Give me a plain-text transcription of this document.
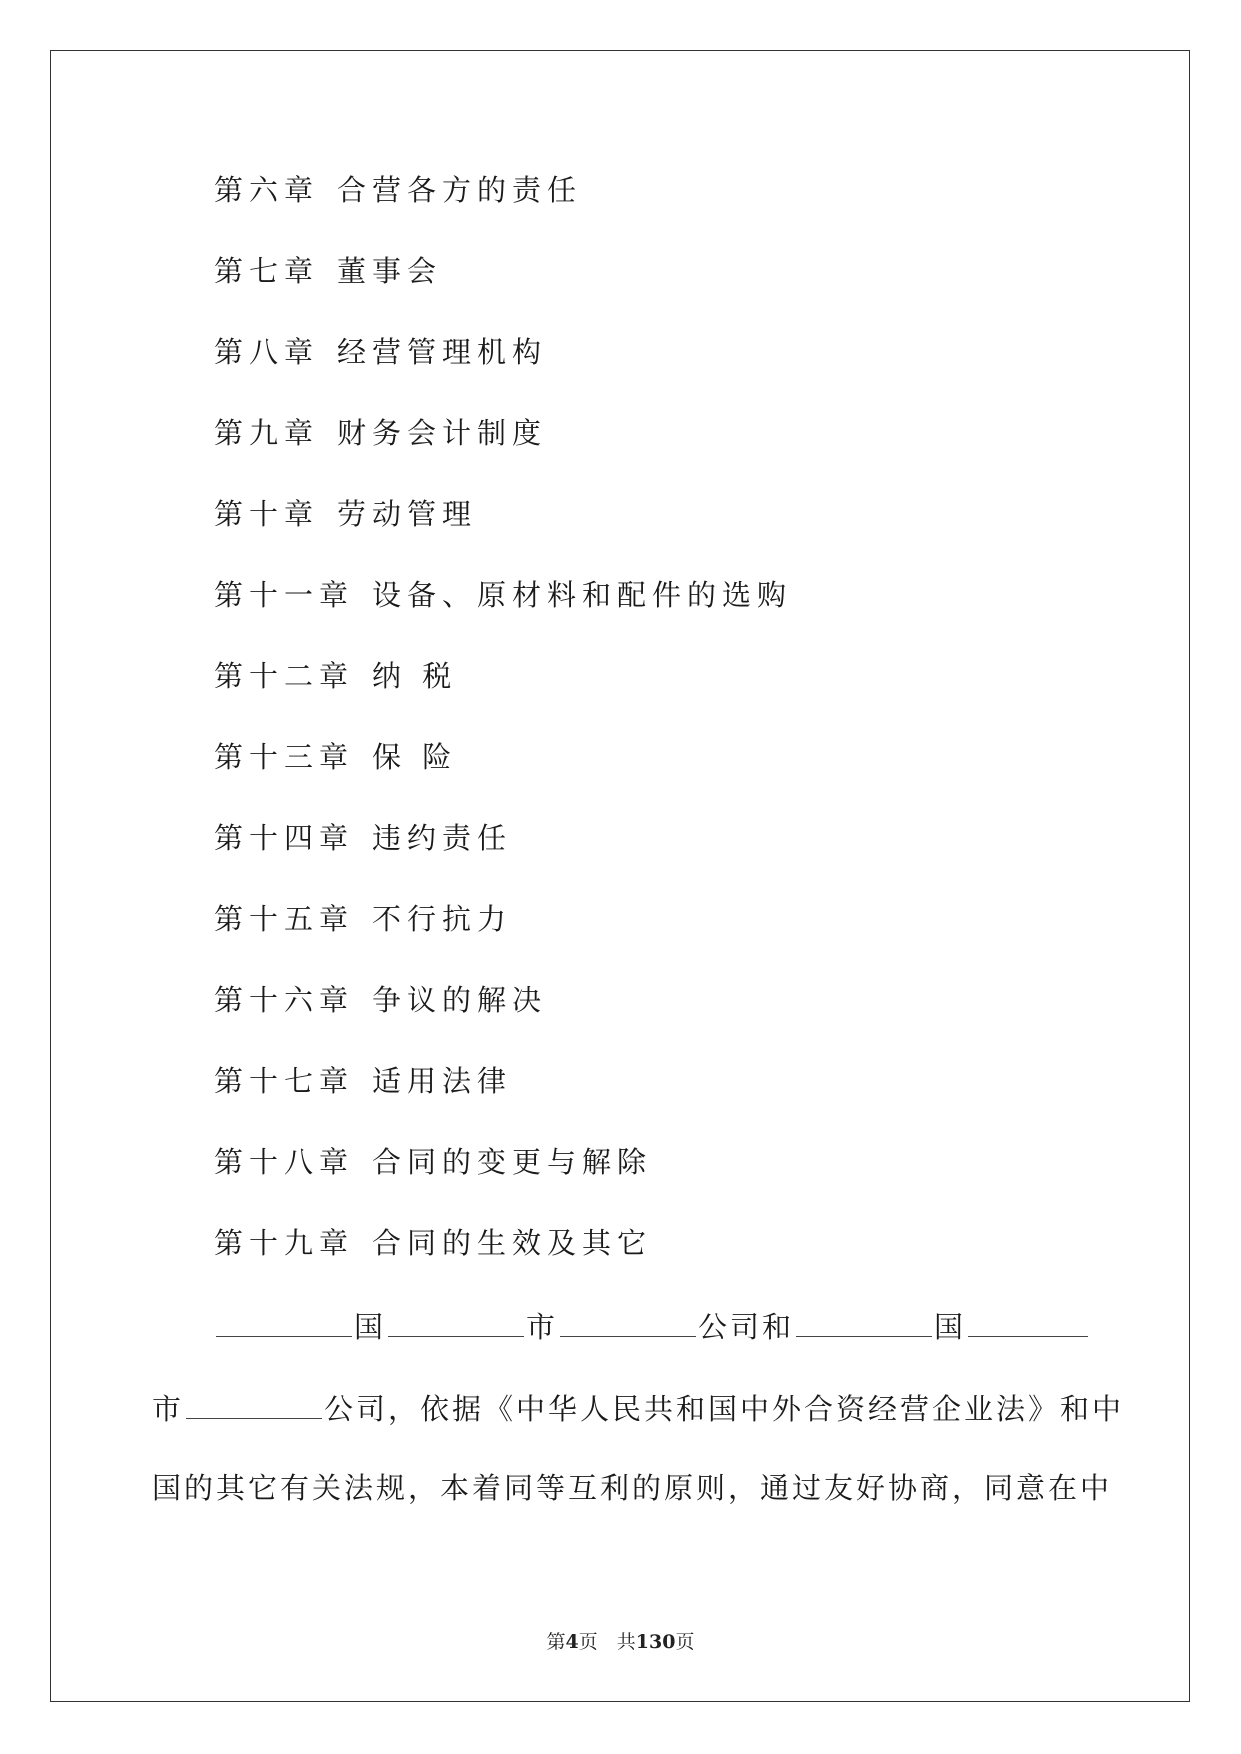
第六章 合营各方的责任
第七章 董事会
第八章 经营管理机构
第九章 财务会计制度
第十章 劳动管理
第十一章 设备、原材料和配件的选购
第十二章 纳 税
第十三章 保 险
第十四章 违约责任
第十五章 不行抗力
第十六章 争议的解决
第十七章 适用法律
第十八章 合同的变更与解除
第十九章 合同的生效及其它
国	市	公司和	国
市	公司，依据《中华人民共和国中外合资经营企业法》和中
国的其它有关法规，本着同等互利的原则，通过友好协商，同意在中
第4页　共130页
